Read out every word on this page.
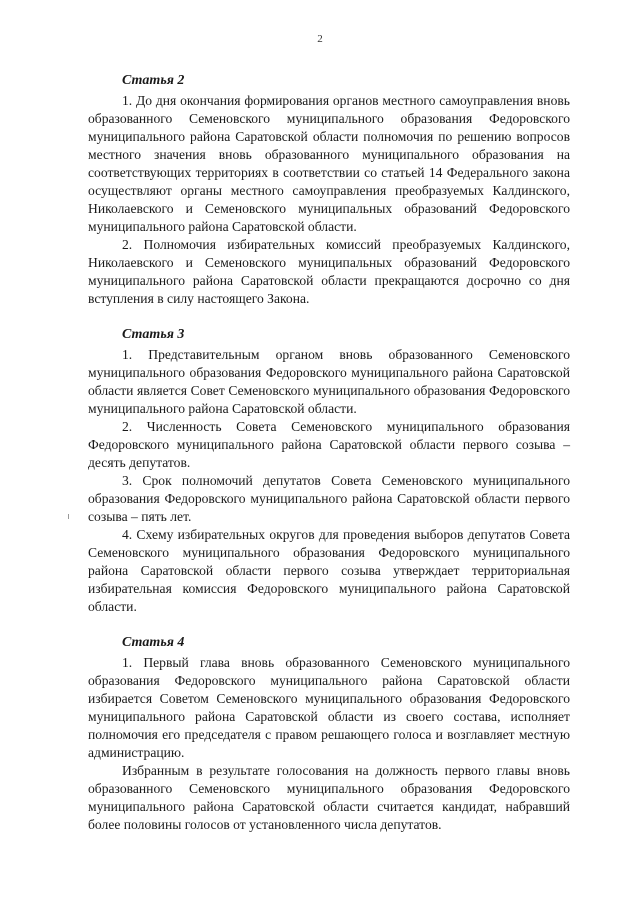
2
Статья 2

1. До дня окончания формирования органов местного самоуправления вновь образованного Семеновского муниципального образования Федоровского муниципального района Саратовской области полномочия по решению вопросов местного значения вновь образованного муниципального образования на соответствующих территориях в соответствии со статьей 14 Федерального закона осуществляют органы местного самоуправления преобразуемых Калдинского, Николаевского и Семеновского муниципальных образований Федоровского муниципального района Саратовской области.

2. Полномочия избирательных комиссий преобразуемых Калдинского, Николаевского и Семеновского муниципальных образований Федоровского муниципального района Саратовской области прекращаются досрочно со дня вступления в силу настоящего Закона.

Статья 3

1. Представительным органом вновь образованного Семеновского муниципального образования Федоровского муниципального района Саратовской области является Совет Семеновского муниципального образования Федоровского муниципального района Саратовской области.

2. Численность Совета Семеновского муниципального образования Федоровского муниципального района Саратовской области первого созыва – десять депутатов.

3. Срок полномочий депутатов Совета Семеновского муниципального образования Федоровского муниципального района Саратовской области первого созыва – пять лет.

4. Схему избирательных округов для проведения выборов депутатов Совета Семеновского муниципального образования Федоровского муниципального района Саратовской области первого созыва утверждает территориальная избирательная комиссия Федоровского муниципального района Саратовской области.

Статья 4

1. Первый глава вновь образованного Семеновского муниципального образования Федоровского муниципального района Саратовской области избирается Советом Семеновского муниципального образования Федоровского муниципального района Саратовской области из своего состава, исполняет полномочия его председателя с правом решающего голоса и возглавляет местную администрацию.

Избранным в результате голосования на должность первого главы вновь образованного Семеновского муниципального образования Федоровского муниципального района Саратовской области считается кандидат, набравший более половины голосов от установленного числа депутатов.
